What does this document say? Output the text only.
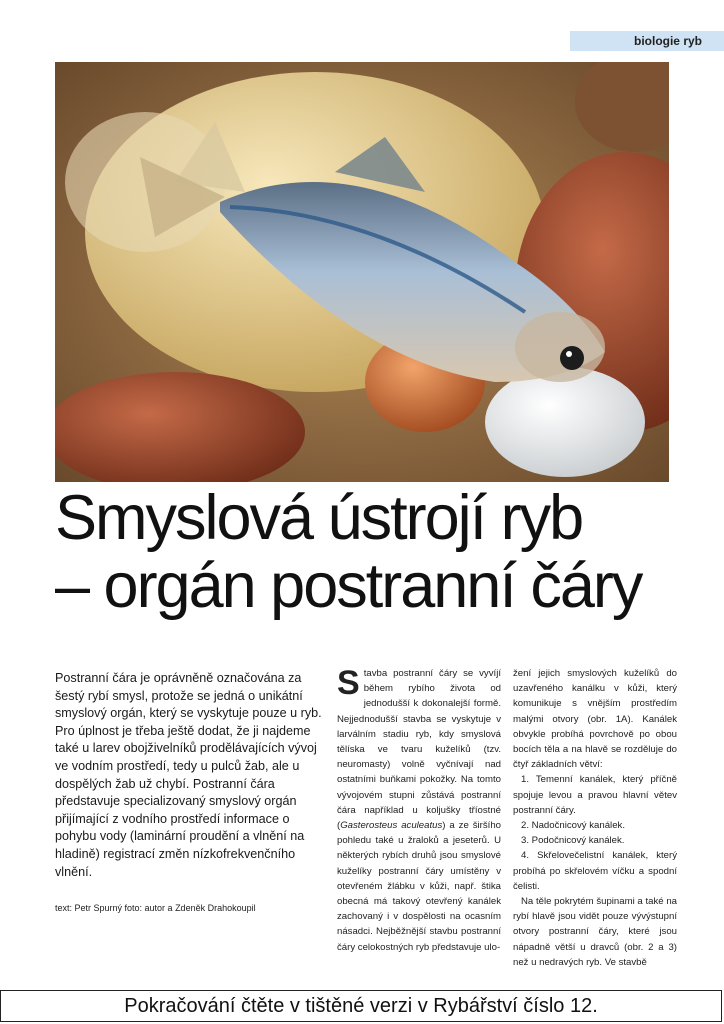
biologie ryb
Smyslová ústrojí ryb
– orgán postranní čáry
Postranní čára je oprávněně označována za šestý rybí smysl, protože se jedná o unikátní smyslový orgán, který se vyskytuje pouze u ryb. Pro úplnost je třeba ještě dodat, že ji najdeme také u larev obojživelníků prodělávajících vývoj ve vodním prostředí, tedy u pulců žab, ale u dospělých žab už chybí. Postranní čára představuje specializovaný smyslový orgán přijímající z vodního prostředí informace o pohybu vody (laminární proudění a vlnění na hladině) registrací změn nízkofrekvenčního vlnění.
text: Petr Spurný foto: autor a Zdeněk Drahokoupil

Stavba postranní čáry se vyvíjí během rybího života od jednodušší k dokonalejší formě. Nejjednodušší stavba se vyskytuje v larválním stadiu ryb, kdy smyslová tělíska ve tvaru kuželíků (tzv. neuromasty) volně vyčnívají nad ostatními buňkami pokožky. Na tomto vývojovém stupni zůstává postranní čára například u koljušky tříostné (Gasterosteus aculeatus) a ze širšího pohledu také u žraloků a jeseterů. U některých rybích druhů jsou smyslové kuželíky postranní čáry umístěny v otevřeném žlábku v kůži, např. štika obecná má takový otevřený kanálek zachovaný i v dospělosti na ocasním násadci. Nejběžnější stavbu postranní čáry celokostných ryb představuje ulo-

žení jejich smyslových kuželíků do uzavřeného kanálku v kůži, který komunikuje s vnějším prostředím malými otvory (obr. 1A). Kanálek obvykle probíhá povrchově po obou bocích těla a na hlavě se rozděluje do čtyř základních větví:

1. Temenní kanálek, který příčně spojuje levou a pravou hlavní větev postranní čáry.

2. Nadočnicový kanálek.

3. Podočnicový kanálek.

4. Skřelovečelistní kanálek, který probíhá po skřelovém víčku a spodní čelisti.

Na těle pokrytém šupinami a také na rybí hlavě jsou vidět pouze vývýstupní otvory postranní čáry, které jsou nápadně větší u dravců (obr. 2 a 3) než u nedravých ryb. Ve stavbě

Pokračování čtěte v tištěné verzi v Rybářství číslo 12.
